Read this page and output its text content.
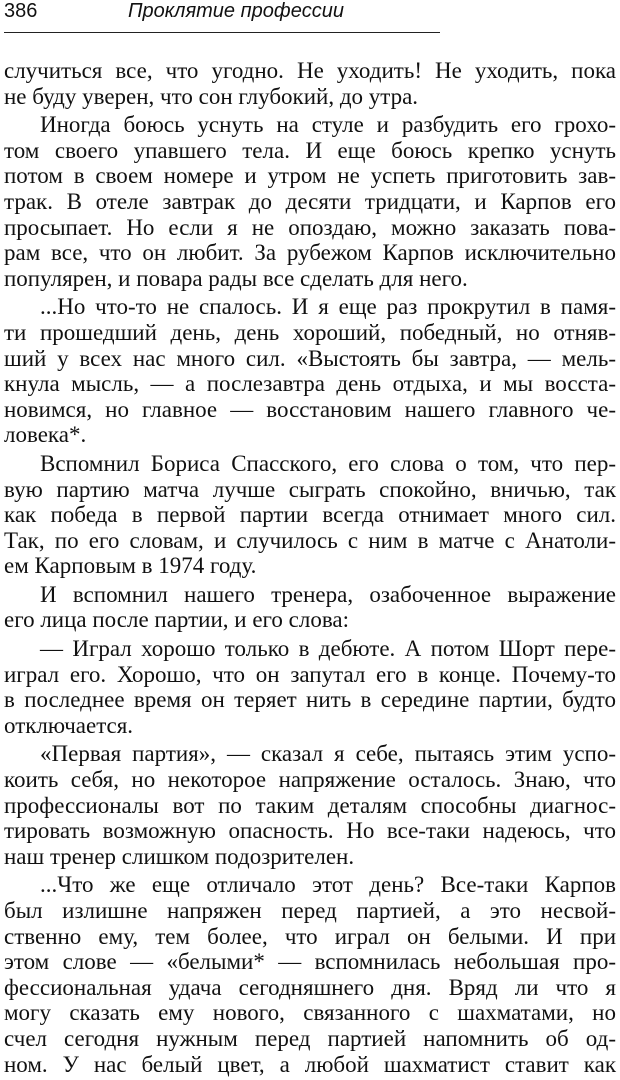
386	Проклятие профессии
случиться все, что угодно. Не уходить! Не уходить, пока
не буду уверен, что сон глубокий, до утра.
Иногда боюсь уснуть на стуле и разбудить его грохо-
том своего упавшего тела. И еще боюсь крепко уснуть
потом в своем номере и утром не успеть приготовить зав-
трак. В отеле завтрак до десяти тридцати, и Карпов его
просыпает. Но если я не опоздаю, можно заказать пова-
рам все, что он любит. За рубежом Карпов исключительно
популярен, и повара рады все сделать для него.
...Но что-то не спалось. И я еще раз прокрутил в памя-
ти прошедший день, день хороший, победный, но отняв-
ший у всех нас много сил. «Выстоять бы завтра, — мель-
кнула мысль, — а послезавтра день отдыха, и мы восста-
новимся, но главное — восстановим нашего главного че-
ловека*.
Вспомнил Бориса Спасского, его слова о том, что пер-
вую партию матча лучше сыграть спокойно, вничью, так
как победа в первой партии всегда отнимает много сил.
Так, по его словам, и случилось с ним в матче с Анатоли-
ем Карповым в 1974 году.
И вспомнил нашего тренера, озабоченное выражение
его лица после партии, и его слова:
— Играл хорошо только в дебюте. А потом Шорт пере-
играл его. Хорошо, что он запутал его в конце. Почему-то
в последнее время он теряет нить в середине партии, будто
отключается.
«Первая партия», — сказал я себе, пытаясь этим успо-
коить себя, но некоторое напряжение осталось. Знаю, что
профессионалы вот по таким деталям способны диагнос-
тировать возможную опасность. Но все-таки надеюсь, что
наш тренер слишком подозрителен.
...Что же еще отличало этот день? Все-таки Карпов
был излишне напряжен перед партией, а это несвой-
ственно ему, тем более, что играл он белыми. И при
этом слове — «белыми* — вспомнилась небольшая про-
фессиональная удача сегодняшнего дня. Вряд ли что я
могу сказать ему нового, связанного с шахматами, но
счел сегодня нужным перед партией напомнить об од-
ном. У нас белый цвет, а любой шахматист ставит как
